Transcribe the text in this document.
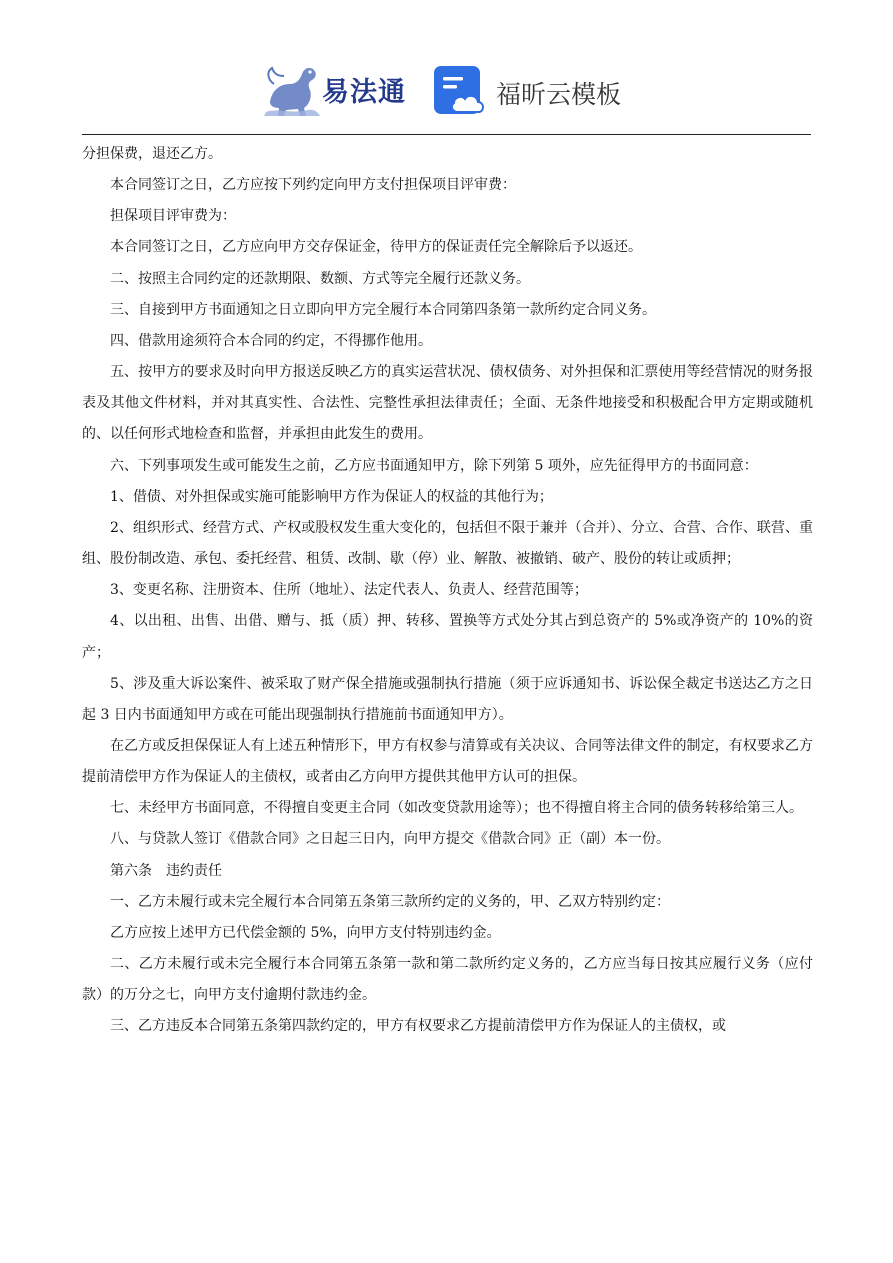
易法通	福昕云模板

分担保费，退还乙方。

本合同签订之日，乙方应按下列约定向甲方支付担保项目评审费：

担保项目评审费为：

本合同签订之日，乙方应向甲方交存保证金，待甲方的保证责任完全解除后予以返还。

二、按照主合同约定的还款期限、数额、方式等完全履行还款义务。

三、自接到甲方书面通知之日立即向甲方完全履行本合同第四条第一款所约定合同义务。

四、借款用途须符合本合同的约定，不得挪作他用。

五、按甲方的要求及时向甲方报送反映乙方的真实运营状况、债权债务、对外担保和汇票使用等经营情况的财务报表及其他文件材料，并对其真实性、合法性、完整性承担法律责任；全面、无条件地接受和积极配合甲方定期或随机的、以任何形式地检查和监督，并承担由此发生的费用。

六、下列事项发生或可能发生之前，乙方应书面通知甲方，除下列第 5 项外，应先征得甲方的书面同意：

1、借债、对外担保或实施可能影响甲方作为保证人的权益的其他行为；

2、组织形式、经营方式、产权或股权发生重大变化的，包括但不限于兼并（合并）、分立、合营、合作、联营、重组、股份制改造、承包、委托经营、租赁、改制、歇（停）业、解散、被撤销、破产、股份的转让或质押；

3、变更名称、注册资本、住所（地址）、法定代表人、负责人、经营范围等；

4、以出租、出售、出借、赠与、抵（质）押、转移、置换等方式处分其占到总资产的 5%或净资产的 10%的资产；

5、涉及重大诉讼案件、被采取了财产保全措施或强制执行措施（须于应诉通知书、诉讼保全裁定书送达乙方之日起 3 日内书面通知甲方或在可能出现强制执行措施前书面通知甲方）。

在乙方或反担保保证人有上述五种情形下，甲方有权参与清算或有关决议、合同等法律文件的制定，有权要求乙方提前清偿甲方作为保证人的主债权，或者由乙方向甲方提供其他甲方认可的担保。

七、未经甲方书面同意，不得擅自变更主合同（如改变贷款用途等）；也不得擅自将主合同的债务转移给第三人。

八、与贷款人签订《借款合同》之日起三日内，向甲方提交《借款合同》正（副）本一份。

第六条　违约责任

一、乙方未履行或未完全履行本合同第五条第三款所约定的义务的，甲、乙双方特别约定：

乙方应按上述甲方已代偿金额的 5%，向甲方支付特别违约金。

二、乙方未履行或未完全履行本合同第五条第一款和第二款所约定义务的，乙方应当每日按其应履行义务（应付款）的万分之七，向甲方支付逾期付款违约金。

三、乙方违反本合同第五条第四款约定的，甲方有权要求乙方提前清偿甲方作为保证人的主债权，或
